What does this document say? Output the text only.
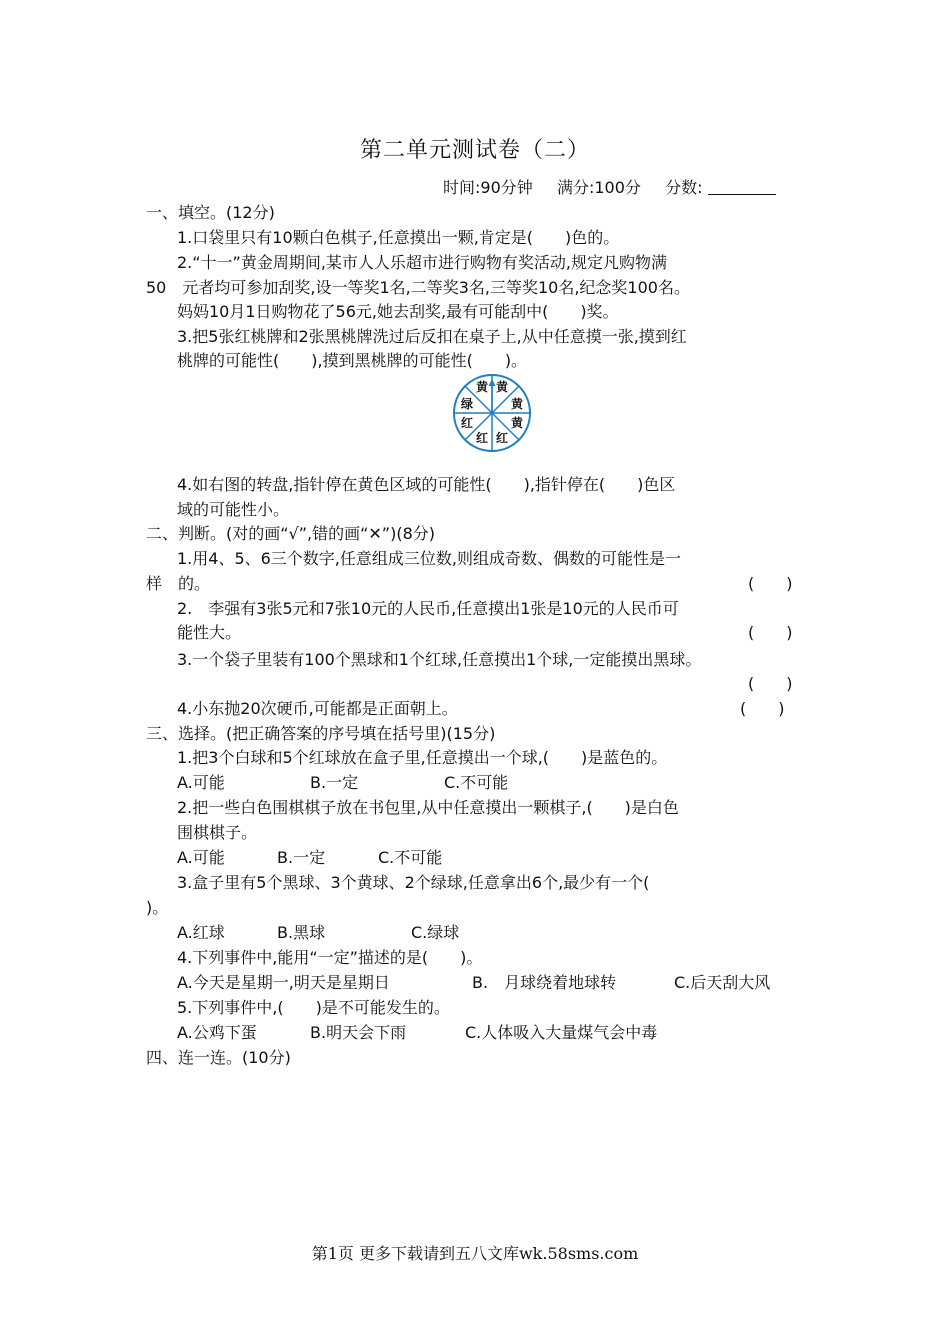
第二单元测试卷（二）
时间:90分钟 满分:100分 分数:
一、填空。(12分)
1.口袋里只有10颗白色棋子,任意摸出一颗,肯定是(　　)色的。
2.“十一”黄金周期间,某市人人乐超市进行购物有奖活动,规定凡购物满
50　元者均可参加刮奖,设一等奖1名,二等奖3名,三等奖10名,纪念奖100名。
妈妈10月1日购物花了56元,她去刮奖,最有可能刮中(　　)奖。
3.把5张红桃牌和2张黑桃牌洗过后反扣在桌子上,从中任意摸一张,摸到红
桃牌的可能性(　　),摸到黑桃牌的可能性(　　)。
黄 黄
黄
黄
红
红
红
绿
4.如右图的转盘,指针停在黄色区域的可能性(　　),指针停在(　　)色区
域的可能性小。
二、判断。(对的画“√”,错的画“✕”)(8分)
1.用4、5、6三个数字,任意组成三位数,则组成奇数、偶数的可能性是一
样　的。	(　　)
2.　李强有3张5元和7张10元的人民币,任意摸出1张是10元的人民币可
能性大。	(　　)
3.一个袋子里装有100个黑球和1个红球,任意摸出1个球,一定能摸出黑球。
(　　)
4.小东抛20次硬币,可能都是正面朝上。	(　　)
三、选择。(把正确答案的序号填在括号里)(15分)
1.把3个白球和5个红球放在盒子里,任意摸出一个球,(　　)是蓝色的。
A.可能	B.一定	C.不可能
2.把一些白色围棋棋子放在书包里,从中任意摸出一颗棋子,(　　)是白色
围棋棋子。
A.可能	B.一定	C.不可能
3.盒子里有5个黑球、3个黄球、2个绿球,任意拿出6个,最少有一个(
)。
A.红球	B.黑球	C.绿球
4.下列事件中,能用“一定”描述的是(　　)。
A.今天是星期一,明天是星期日	B.　月球绕着地球转	C.后天刮大风
5.下列事件中,(　　)是不可能发生的。
A.公鸡下蛋	B.明天会下雨	C.人体吸入大量煤气会中毒
四、连一连。(10分)
第1页 更多下载请到五八文库wk.58sms.com
